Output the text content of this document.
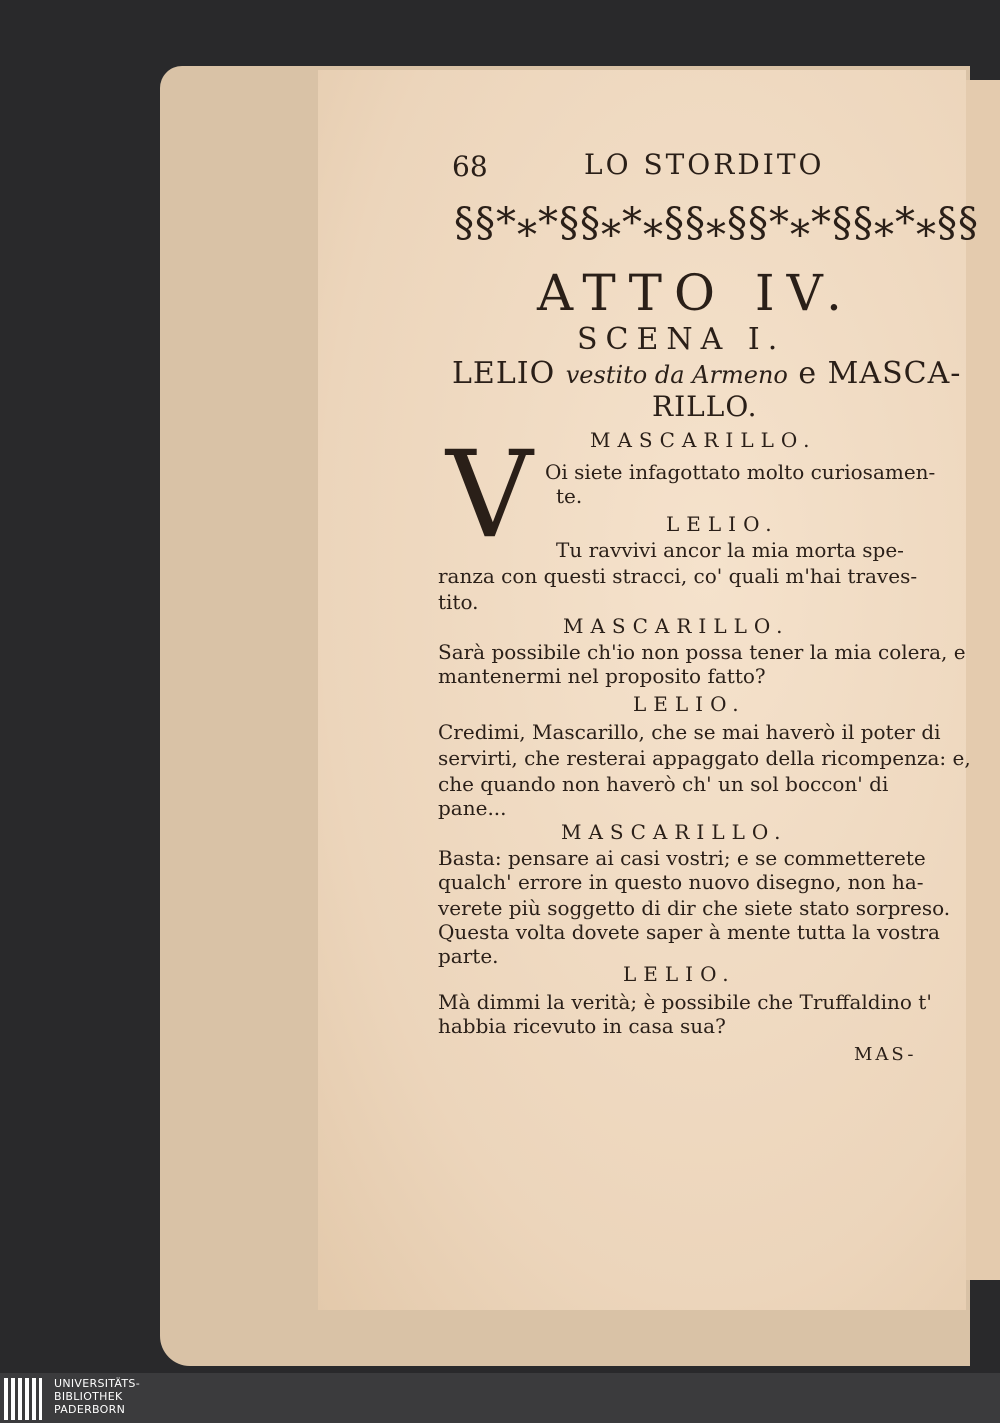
68	LO STORDITO
§§*⁎*§§⁎*⁎§§⁎§§*⁎*§§⁎*⁎§§
ATTO IV.
SCENA I.
LELIO vestito da Armeno e MASCA-
RILLO.
MASCARILLO.
V Oi siete infagottato molto curiosamen-
te.
LELIO.
Tu ravvivi ancor la mia morta spe-
ranza con questi stracci, co' quali m'hai traves-
tito.
MASCARILLO.
Sarà possibile ch'io non possa tener la mia colera, e
mantenermi nel proposito fatto?
LELIO.
Credimi, Mascarillo, che se mai haverò il poter di
servirti, che resterai appaggato della ricompenza: e,
che quando non haverò ch' un sol boccon' di
pane...
MASCARILLO.
Basta: pensare ai casi vostri; e se commetterete
qualch' errore in questo nuovo disegno, non ha-
verete più soggetto di dir che siete stato sorpreso.
Questa volta dovete saper à mente tutta la vostra
parte.
LELIO.
Mà dimmi la verità; è possibile che Truffaldino t'
habbia ricevuto in casa sua?
MAS-
UNIVERSITÄTS-
BIBLIOTHEK
PADERBORN
